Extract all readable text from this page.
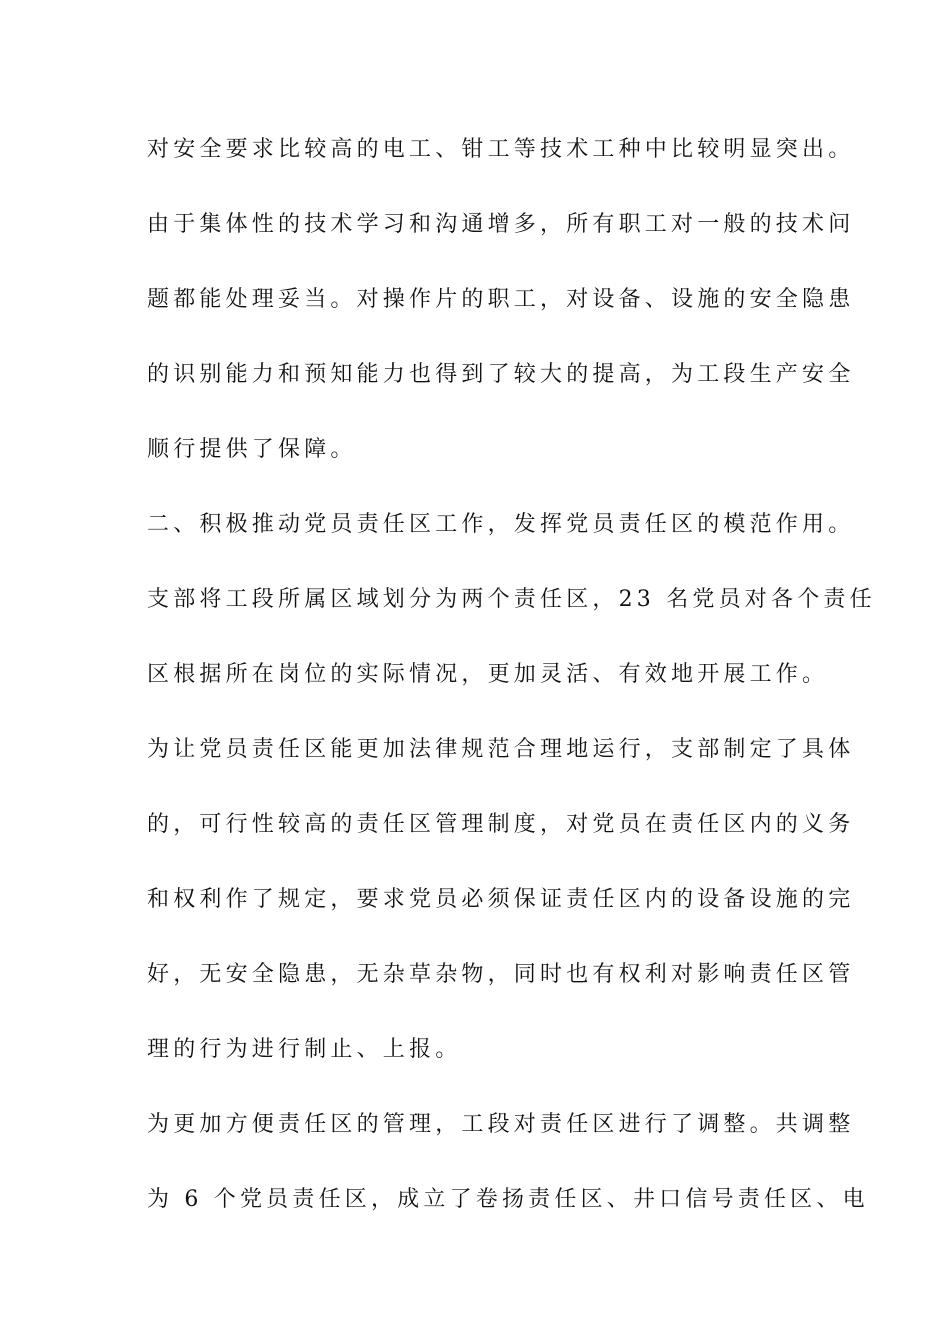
对安全要求比较高的电工、钳工等技术工种中比较明显突出。
由于集体性的技术学习和沟通增多，所有职工对一般的技术问
题都能处理妥当。对操作片的职工，对设备、设施的安全隐患
的识别能力和预知能力也得到了较大的提高，为工段生产安全
顺行提供了保障。
二、积极推动党员责任区工作，发挥党员责任区的模范作用。
支部将工段所属区域划分为两个责任区，23 名党员对各个责任
区根据所在岗位的实际情况，更加灵活、有效地开展工作。
为让党员责任区能更加法律规范合理地运行，支部制定了具体
的，可行性较高的责任区管理制度，对党员在责任区内的义务
和权利作了规定，要求党员必须保证责任区内的设备设施的完
好，无安全隐患，无杂草杂物，同时也有权利对影响责任区管
理的行为进行制止、上报。
为更加方便责任区的管理，工段对责任区进行了调整。共调整
为 6 个党员责任区，成立了卷扬责任区、井口信号责任区、电
